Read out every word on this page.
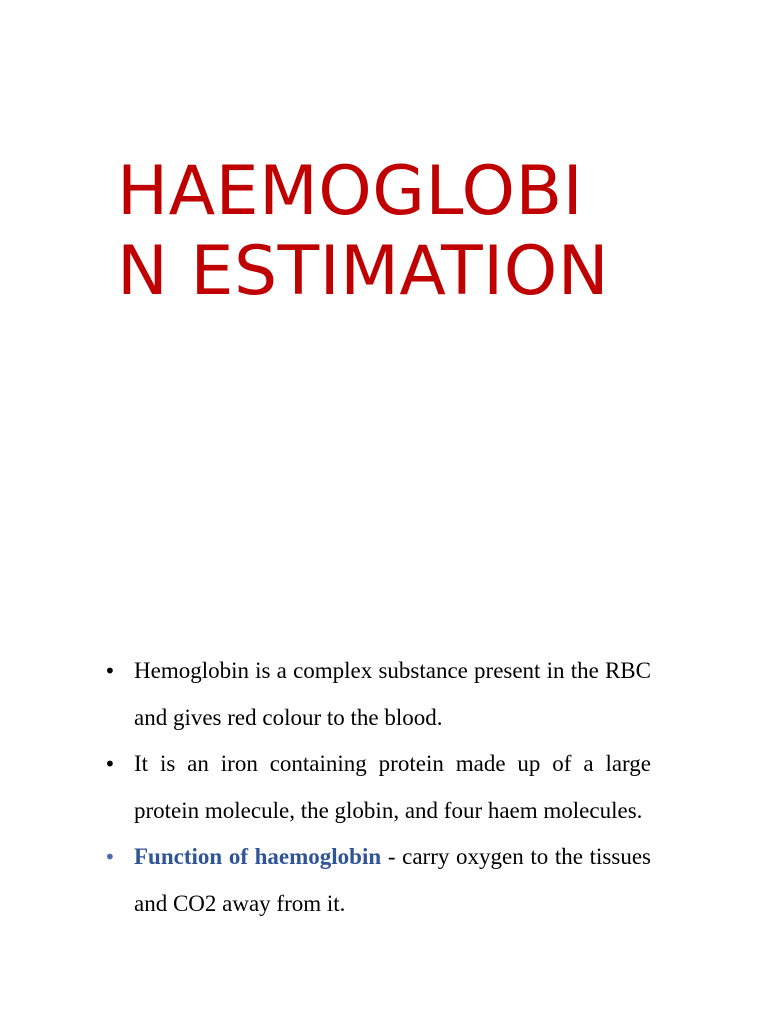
HAEMOGLOBI
N ESTIMATION
• Hemoglobin is a complex substance present in the RBC and gives red colour to the blood.
• It is an iron containing protein made up of a large protein molecule, the globin, and four haem molecules.
• Function of haemoglobin - carry oxygen to the tissues and CO2 away from it.
